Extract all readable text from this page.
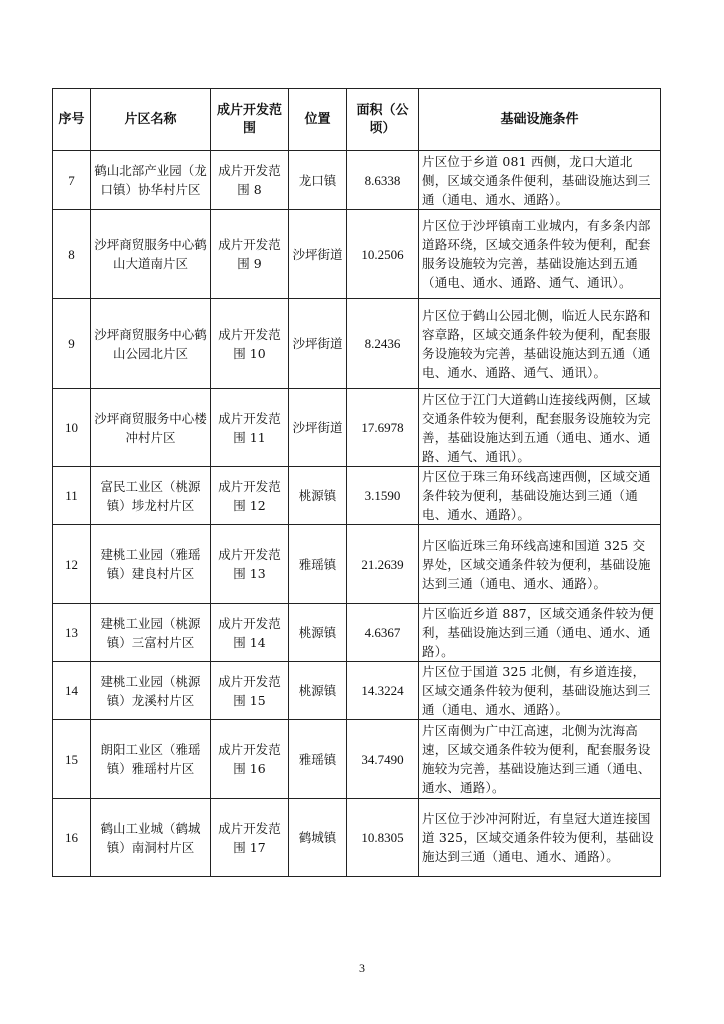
序号	片区名称	成片开发范围	位置	面积（公顷）	基础设施条件
7	鹤山北部产业园（龙口镇）协华村片区	成片开发范围 8	龙口镇	8.6338	片区位于乡道 081 西侧，龙口大道北侧，区域交通条件便利，基础设施达到三通（通电、通水、通路）。
8	沙坪商贸服务中心鹤山大道南片区	成片开发范围 9	沙坪街道	10.2506	片区位于沙坪镇南工业城内，有多条内部道路环绕，区域交通条件较为便利，配套服务设施较为完善，基础设施达到五通（通电、通水、通路、通气、通讯）。
9	沙坪商贸服务中心鹤山公园北片区	成片开发范围 10	沙坪街道	8.2436	片区位于鹤山公园北侧，临近人民东路和容章路，区域交通条件较为便利，配套服务设施较为完善，基础设施达到五通（通电、通水、通路、通气、通讯）。
10	沙坪商贸服务中心楼冲村片区	成片开发范围 11	沙坪街道	17.6978	片区位于江门大道鹤山连接线两侧，区域交通条件较为便利，配套服务设施较为完善，基础设施达到五通（通电、通水、通路、通气、通讯）。
11	富民工业区（桃源镇）埗龙村片区	成片开发范围 12	桃源镇	3.1590	片区位于珠三角环线高速西侧，区域交通条件较为便利，基础设施达到三通（通电、通水、通路）。
12	建桃工业园（雅瑶镇）建良村片区	成片开发范围 13	雅瑶镇	21.2639	片区临近珠三角环线高速和国道 325 交界处，区域交通条件较为便利，基础设施达到三通（通电、通水、通路）。
13	建桃工业园（桃源镇）三富村片区	成片开发范围 14	桃源镇	4.6367	片区临近乡道 887，区域交通条件较为便利，基础设施达到三通（通电、通水、通路）。
14	建桃工业园（桃源镇）龙溪村片区	成片开发范围 15	桃源镇	14.3224	片区位于国道 325 北侧，有乡道连接，区域交通条件较为便利，基础设施达到三通（通电、通水、通路）。
15	朗阳工业区（雅瑶镇）雅瑶村片区	成片开发范围 16	雅瑶镇	34.7490	片区南侧为广中江高速，北侧为沈海高速，区域交通条件较为便利，配套服务设施较为完善，基础设施达到三通（通电、通水、通路）。
16	鹤山工业城（鹤城镇）南洞村片区	成片开发范围 17	鹤城镇	10.8305	片区位于沙冲河附近，有皇冠大道连接国道 325，区域交通条件较为便利，基础设施达到三通（通电、通水、通路）。
3
